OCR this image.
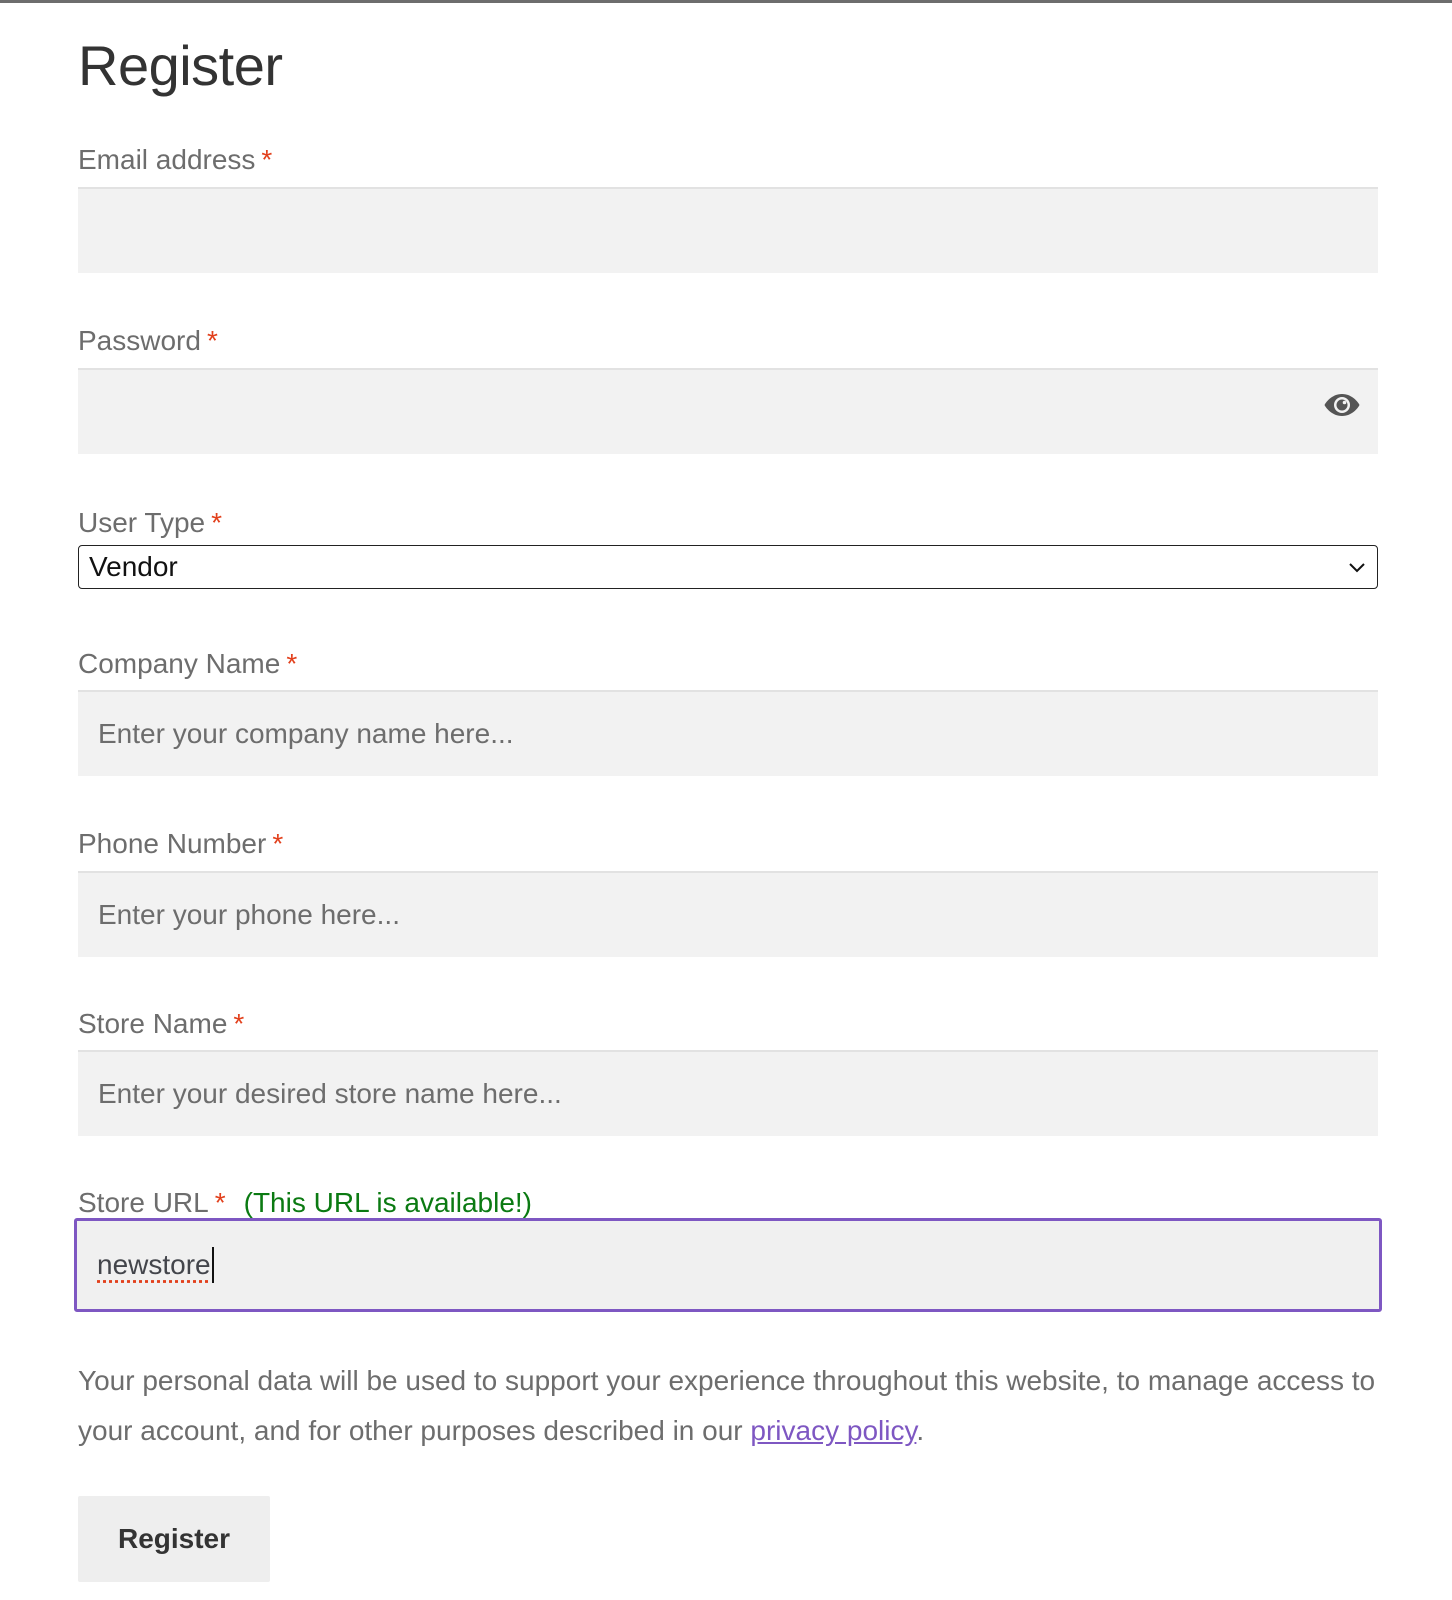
Register
Email address *
Password *
User Type *
Vendor
Company Name *
Enter your company name here...
Phone Number *
Enter your phone here...
Store Name *
Enter your desired store name here...
Store URL * (This URL is available!)
newstore

Your personal data will be used to support your experience throughout this website, to manage access to your account, and for other purposes described in our privacy policy.

Register
